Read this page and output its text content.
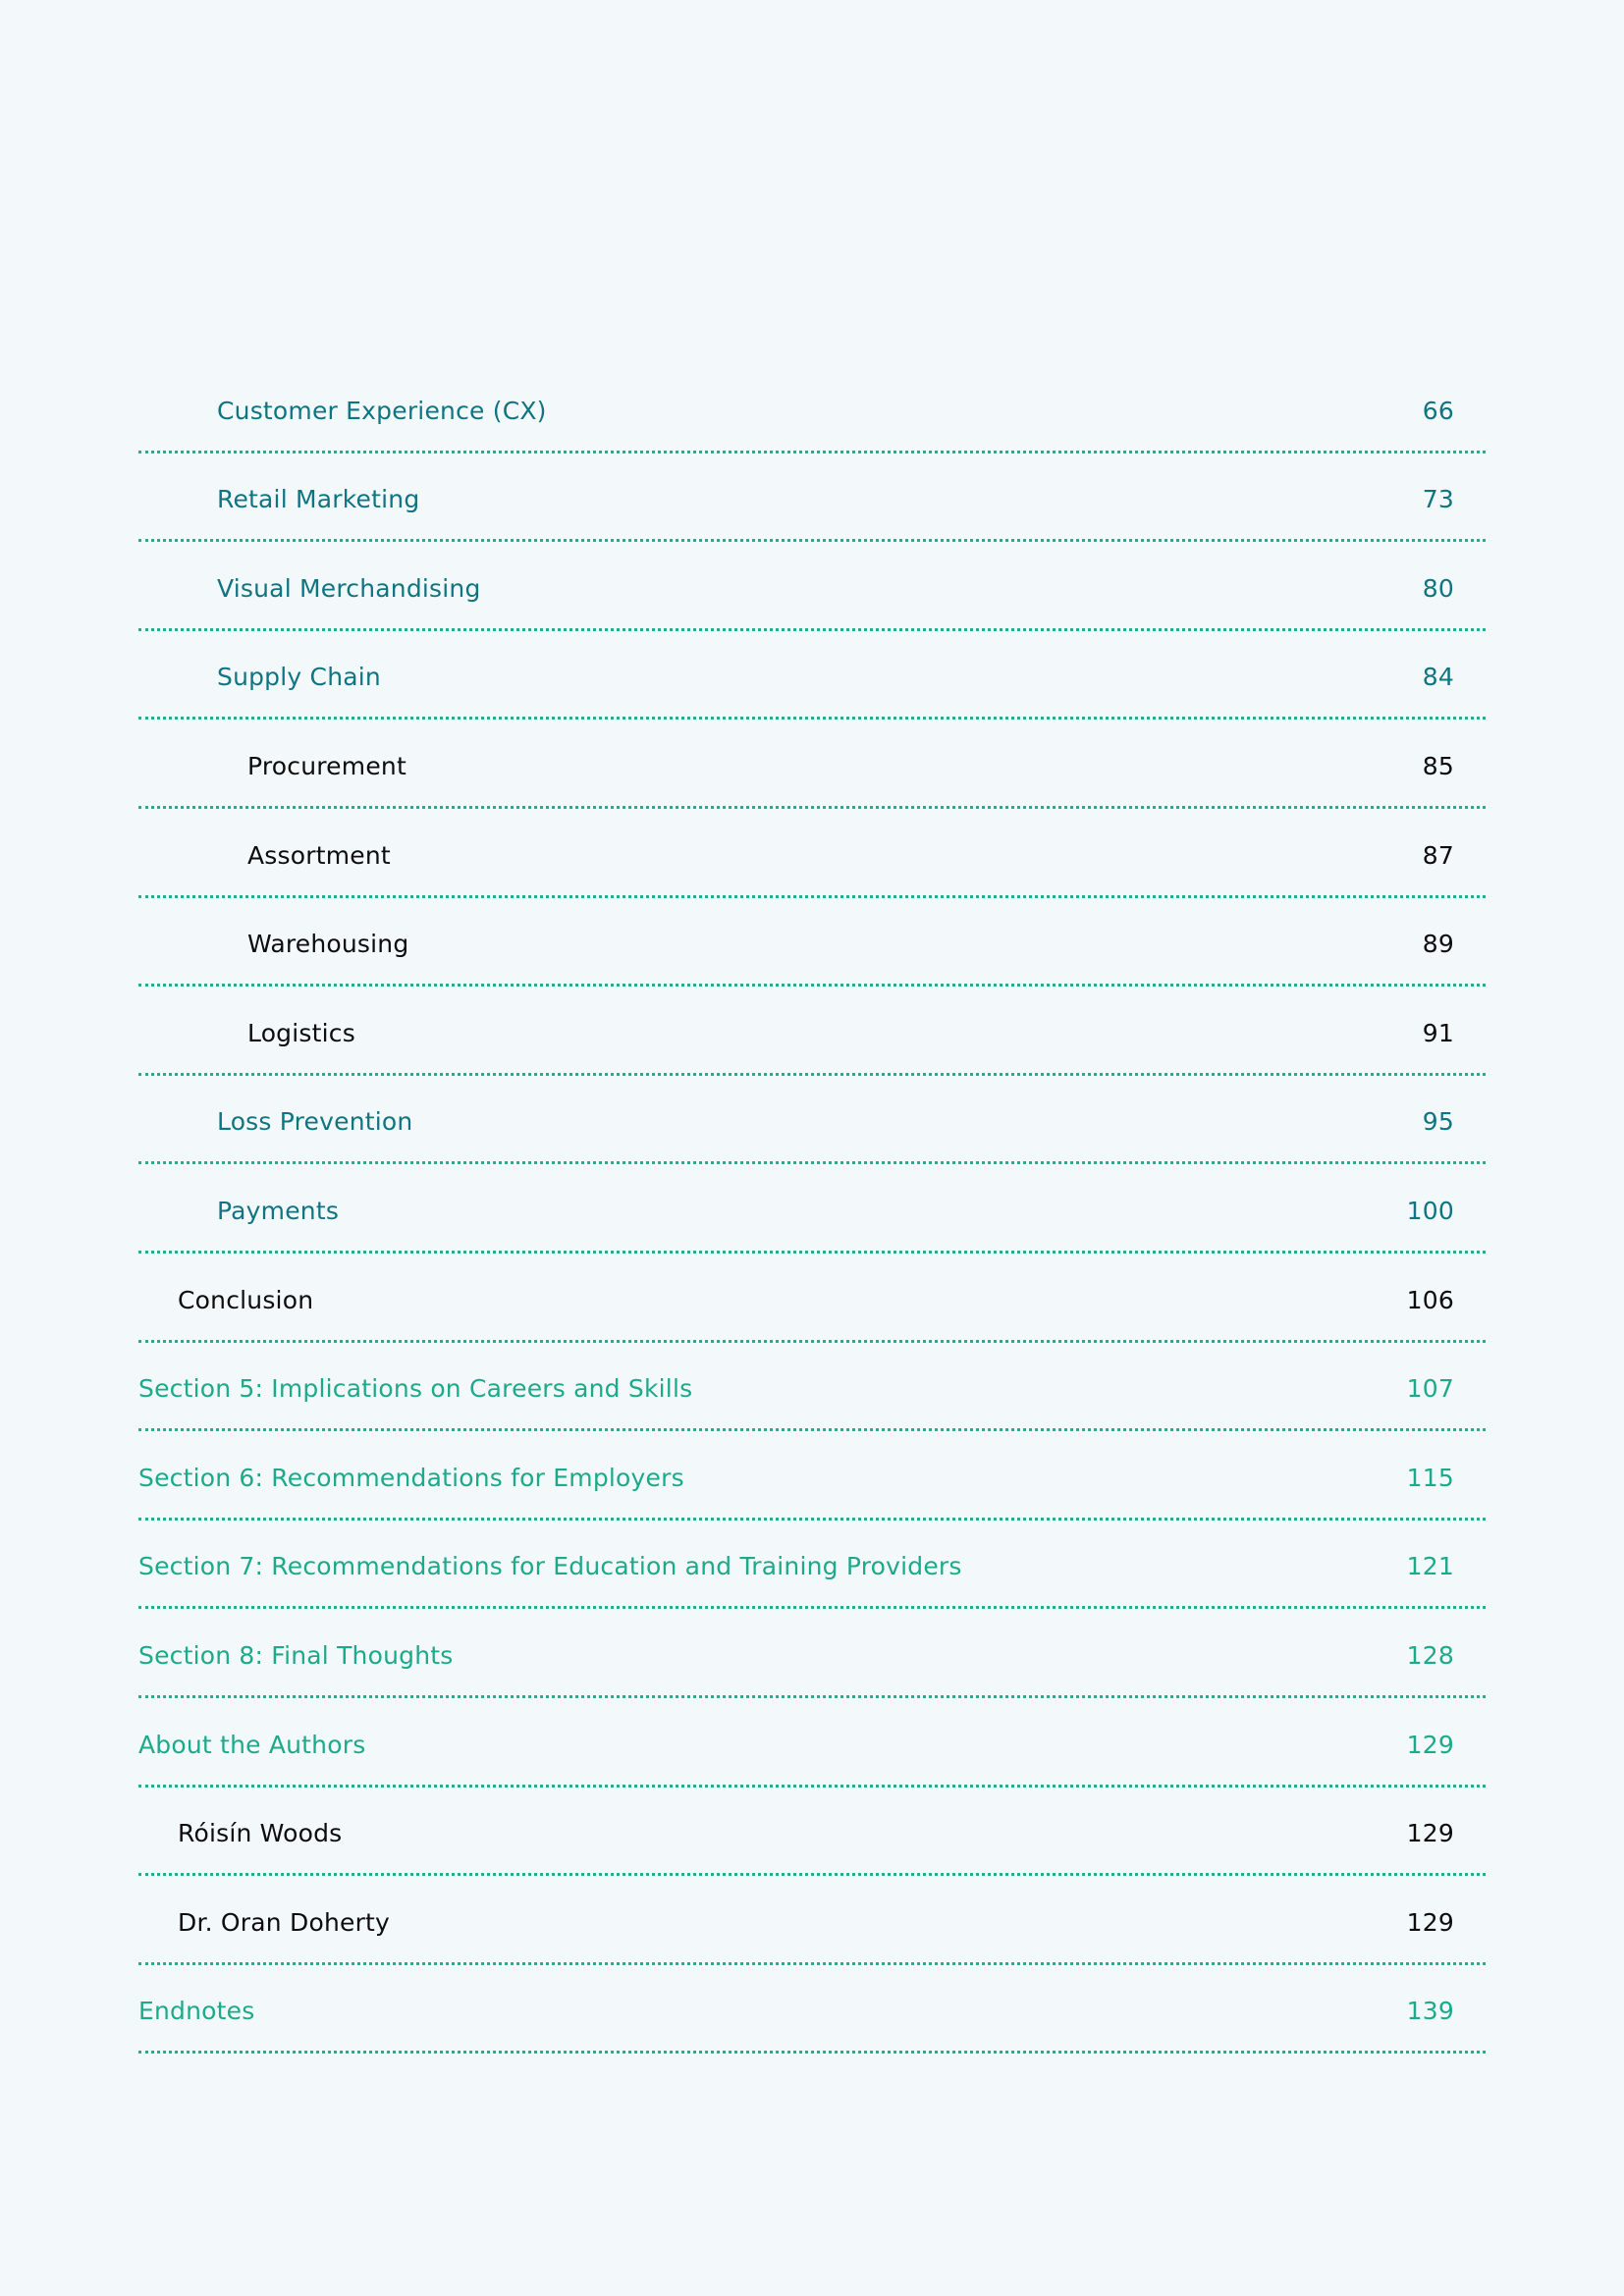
Customer Experience (CX)	66
Retail Marketing	73
Visual Merchandising	80
Supply Chain	84
Procurement	85
Assortment	87
Warehousing	89
Logistics	91
Loss Prevention	95
Payments	100
Conclusion	106
Section 5: Implications on Careers and Skills	107
Section 6: Recommendations for Employers	115
Section 7: Recommendations for Education and Training Providers	121
Section 8: Final Thoughts	128
About the Authors	129
Róisín Woods	129
Dr. Oran Doherty	129
Endnotes	139
